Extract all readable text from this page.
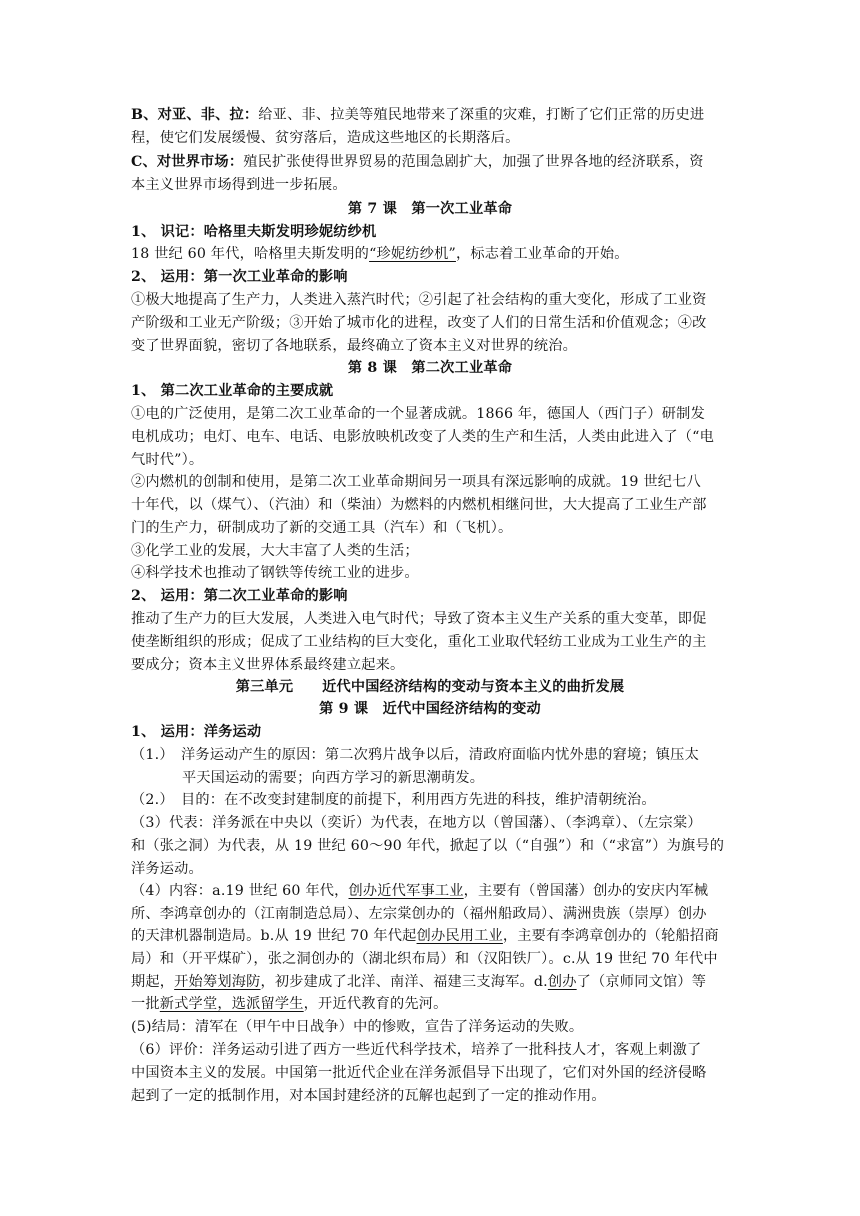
B、对亚、非、拉：给亚、非、拉美等殖民地带来了深重的灾难，打断了它们正常的历史进
程，使它们发展缓慢、贫穷落后，造成这些地区的长期落后。
C、对世界市场：殖民扩张使得世界贸易的范围急剧扩大，加强了世界各地的经济联系，资
本主义世界市场得到进一步拓展。
第 7 课　第一次工业革命
1、 识记：哈格里夫斯发明珍妮纺纱机
18 世纪 60 年代，哈格里夫斯发明的“珍妮纺纱机”，标志着工业革命的开始。
2、 运用：第一次工业革命的影响
①极大地提高了生产力，人类进入蒸汽时代；②引起了社会结构的重大变化，形成了工业资
产阶级和工业无产阶级；③开始了城市化的进程，改变了人们的日常生活和价值观念；④改
变了世界面貌，密切了各地联系，最终确立了资本主义对世界的统治。
第 8 课　第二次工业革命
1、 第二次工业革命的主要成就
①电的广泛使用，是第二次工业革命的一个显著成就。1866 年，德国人（西门子）研制发
电机成功；电灯、电车、电话、电影放映机改变了人类的生产和生活，人类由此进入了（“电
气时代”）。
②内燃机的创制和使用，是第二次工业革命期间另一项具有深远影响的成就。19 世纪七八
十年代，以（煤气）、（汽油）和（柴油）为燃料的内燃机相继问世，大大提高了工业生产部
门的生产力，研制成功了新的交通工具（汽车）和（飞机）。
③化学工业的发展，大大丰富了人类的生活；
④科学技术也推动了钢铁等传统工业的进步。
2、 运用：第二次工业革命的影响
推动了生产力的巨大发展，人类进入电气时代；导致了资本主义生产关系的重大变革，即促
使垄断组织的形成；促成了工业结构的巨大变化，重化工业取代轻纺工业成为工业生产的主
要成分；资本主义世界体系最终建立起来。
第三单元　　近代中国经济结构的变动与资本主义的曲折发展
第 9 课　近代中国经济结构的变动
1、 运用：洋务运动
（1.）　洋务运动产生的原因：第二次鸦片战争以后，清政府面临内忧外患的窘境；镇压太
平天国运动的需要；向西方学习的新思潮萌发。
（2.）　目的：在不改变封建制度的前提下，利用西方先进的科技，维护清朝统治。
（3）代表：洋务派在中央以（奕䜣）为代表，在地方以（曾国藩）、（李鸿章）、（左宗棠）
和（张之洞）为代表，从 19 世纪 60～90 年代，掀起了以（“自强”）和（“求富”）为旗号的
洋务运动。
（4）内容：a.19 世纪 60 年代，创办近代军事工业，主要有（曾国藩）创办的安庆内军械
所、李鸿章创办的（江南制造总局）、左宗棠创办的（福州船政局）、满洲贵族（崇厚）创办
的天津机器制造局。b.从 19 世纪 70 年代起创办民用工业，主要有李鸿章创办的（轮船招商
局）和（开平煤矿），张之洞创办的（湖北织布局）和（汉阳铁厂）。c.从 19 世纪 70 年代中
期起，开始筹划海防，初步建成了北洋、南洋、福建三支海军。d.创办了（京师同文馆）等
一批新式学堂，选派留学生，开近代教育的先河。
(5)结局：清军在（甲午中日战争）中的惨败，宣告了洋务运动的失败。
（6）评价：洋务运动引进了西方一些近代科学技术，培养了一批科技人才，客观上刺激了
中国资本主义的发展。中国第一批近代企业在洋务派倡导下出现了，它们对外国的经济侵略
起到了一定的抵制作用，对本国封建经济的瓦解也起到了一定的推动作用。
